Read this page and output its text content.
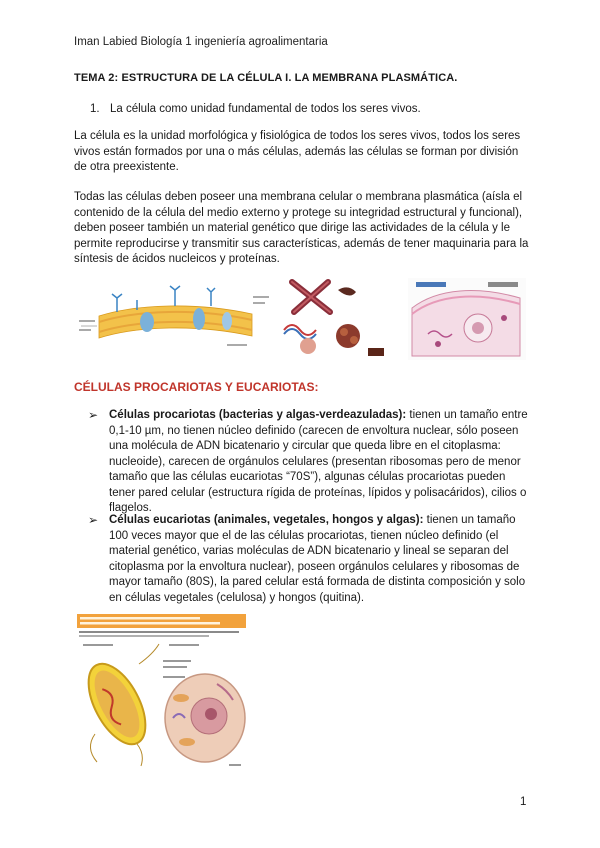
Iman Labied Biología 1 ingeniería agroalimentaria
TEMA 2: ESTRUCTURA DE LA CÉLULA I. LA MEMBRANA PLASMÁTICA.
1. La célula como unidad fundamental de todos los seres vivos.
La célula es la unidad morfológica y fisiológica de todos los seres vivos, todos los seres vivos están formados por una o más células, además las células se forman por división de otra preexistente.
Todas las células deben poseer una membrana celular o membrana plasmática (aísla el contenido de la célula del medio externo y protege su integridad estructural y funcional), deben poseer también un material genético que dirige las actividades de la célula y le permite reproducirse y transmitir sus características, además de tener maquinaria para la síntesis de ácidos nucleicos y proteínas.
CÉLULAS PROCARIOTAS Y EUCARIOTAS:
➢ Células procariotas (bacterias y algas-verdeazuladas): tienen un tamaño entre 0,1-10 µm, no tienen núcleo definido (carecen de envoltura nuclear, sólo poseen una molécula de ADN bicatenario y circular que queda libre en el citoplasma: nucleoide), carecen de orgánulos celulares (presentan ribosomas pero de menor tamaño que las células eucariotas “70S”), algunas células procariotas pueden tener pared celular (estructura rígida de proteínas, lípidos y polisacáridos), cilios o flagelos.
➢ Células eucariotas (animales, vegetales, hongos y algas): tienen un tamaño 100 veces mayor que el de las células procariotas, tienen núcleo definido (el material genético, varias moléculas de ADN bicatenario y lineal se separan del citoplasma por la envoltura nuclear), poseen orgánulos celulares y ribosomas de mayor tamaño (80S), la pared celular está formada de distinta composición y solo en células vegetales (celulosa) y hongos (quitina).
1
